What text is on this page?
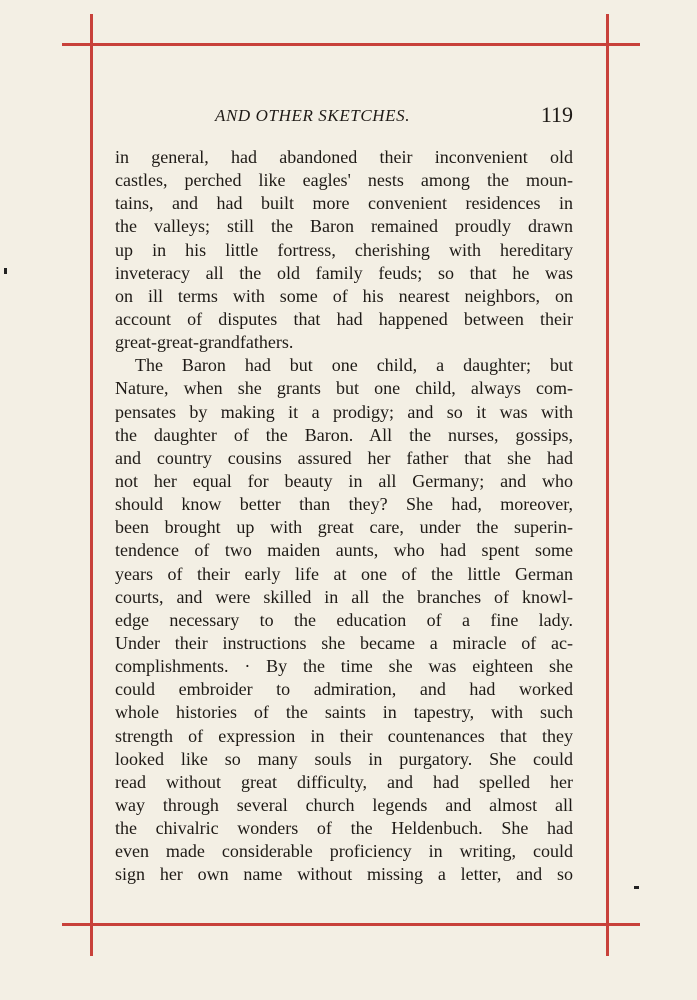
AND OTHER SKETCHES.	119
in general, had abandoned their inconvenient old
castles, perched like eagles' nests among the moun-
tains, and had built more convenient residences in
the valleys; still the Baron remained proudly drawn
up in his little fortress, cherishing with hereditary
inveteracy all the old family feuds; so that he was
on ill terms with some of his nearest neighbors, on
account of disputes that had happened between their
great-great-grandfathers.
The Baron had but one child, a daughter; but
Nature, when she grants but one child, always com-
pensates by making it a prodigy; and so it was with
the daughter of the Baron. All the nurses, gossips,
and country cousins assured her father that she had
not her equal for beauty in all Germany; and who
should know better than they? She had, moreover,
been brought up with great care, under the superin-
tendence of two maiden aunts, who had spent some
years of their early life at one of the little German
courts, and were skilled in all the branches of knowl-
edge necessary to the education of a fine lady.
Under their instructions she became a miracle of ac-
complishments. · By the time she was eighteen she
could embroider to admiration, and had worked
whole histories of the saints in tapestry, with such
strength of expression in their countenances that they
looked like so many souls in purgatory. She could
read without great difficulty, and had spelled her
way through several church legends and almost all
the chivalric wonders of the Heldenbuch. She had
even made considerable proficiency in writing, could
sign her own name without missing a letter, and so
